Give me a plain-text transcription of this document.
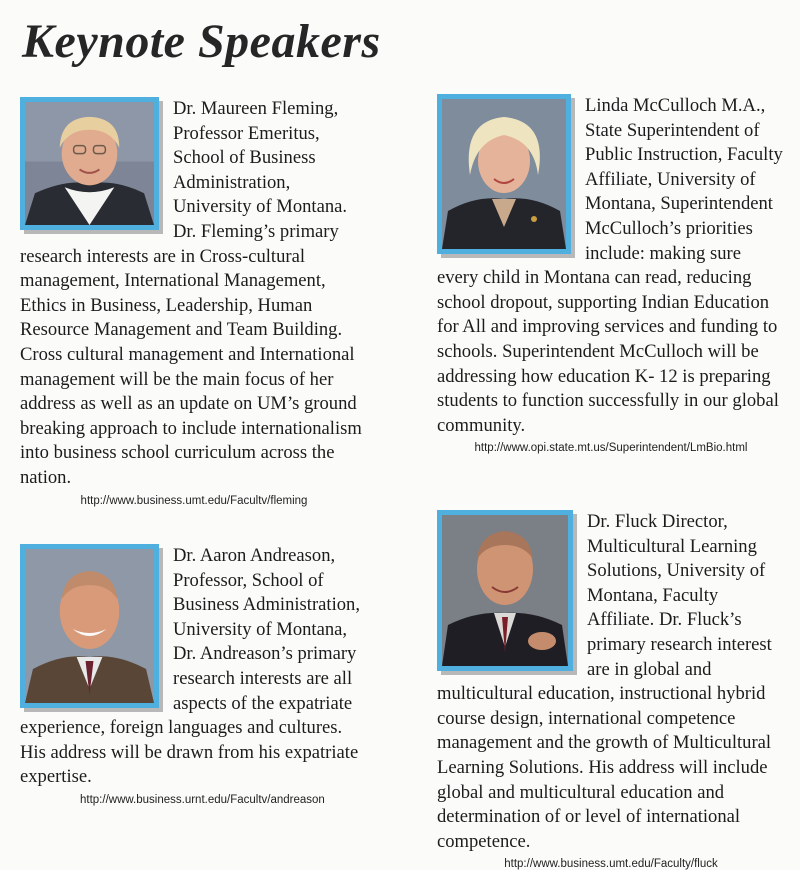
Keynote Speakers

Dr. Maureen Fleming, Professor Emeritus, School of Business Administration, University of Montana. Dr. Fleming’s primary research interests are in Cross-cultural management, International Management, Ethics in Business, Leadership, Human Resource Management and Team Building. Cross cultural management and International management will be the main focus of her address as well as an update on UM’s ground breaking approach to include internationalism into business school curriculum across the nation.

http://www.business.umt.edu/Facultv/fleming

Linda McCulloch M.A., State Superintendent of Public Instruction, Faculty Affiliate, University of Montana, Superintendent McCulloch’s priorities include: making sure every child in Montana can read, reducing school dropout, supporting Indian Education for All and improving services and funding to schools. Superintendent McCulloch will be addressing how education K- 12 is preparing students to function successfully in our global community.

http://www.opi.state.mt.us/Superintendent/LmBio.html

Dr. Aaron Andreason, Professor, School of Business Administration, University of Montana, Dr. Andreason’s primary research interests are all aspects of the expatriate experience, foreign languages and cultures. His address will be drawn from his expatriate expertise.

http://www.business.urnt.edu/Facultv/andreason

Dr. Fluck Director, Multicultural Learning Solutions, University of Montana, Faculty Affiliate. Dr. Fluck’s primary research interest are in global and multicultural education, instructional hybrid course design, international competence management and the growth of Multicultural Learning Solutions. His address will include global and multicultural education and determination of or level of international competence.

http://www.business.umt.edu/Faculty/fluck
